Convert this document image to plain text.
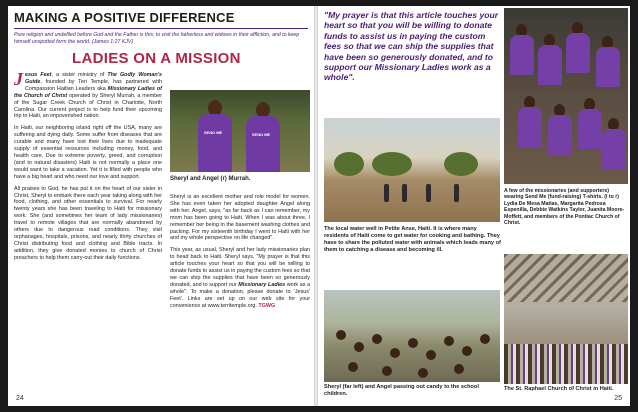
MAKING A POSITIVE DIFFERENCE
Pure religion and undefiled before God and the Father is this; to visit the fatherless and widows in their affliction, and to keep himself unspotted form the world. (James 1:27 KJV)
LADIES ON A MISSION

Jesus Feet, a sister ministry of The Godly Woman's Guide, founded by Teri Temple, has partnered with Compassion Haitian Leaders aka Missionary Ladies of the Church of Christ operated by Sheryl Murrah, a member of the Sugar Creek Church of Christ in Charlotte, North Carolina. Our current project is to help fund their upcoming trip to Haiti, an impoverished nation.

In Haiti, our neighboring island right off the USA, many are suffering and dying daily. Some suffer from diseases that are curable and many have lost their lives due to inadequate supply of essential resources including money, food, and health care. Due to extreme poverty, greed, and corruption (and to natural disasters) Haiti is not normally a place one would want to take a vacation. Yet it is filled with people who have a big heart and who need our love and support.

All praises to God, he has put it on the heart of our sister in Christ, Sheryl to embark there each year taking along with her food, clothing, and other essentials to survival. For nearly twenty years she has been traveling to Haiti for missionary work. She (and sometimes her team of lady missionaries) travel to remote villages that are normally abandoned by others due to dangerous road conditions. They visit orphanages, hospitals, prisons, and nearly thirty churches of Christ distributing food and clothing and Bible tracts. In addition, they give donated monies to church of Christ preachers to help them carry-out their daily functions.

SEND ME	SEND ME
Sheryl and Angel (r) Murrah.

Sheryl is an excellent mother and role model for women. She has even taken her adopted daughter Angel along with her. Angel, says, "as far back as I can remember, my mom has been going to Haiti. When I was about three, I remember her being in the basement washing clothes and packing. For my sixteenth birthday I went to Haiti with her and my whole perspective on life changed".

This year, as usual, Sheryl and her lady missionaries plan to head back to Haiti. Sheryl says, "My prayer is that this article touches your heart so that you will be willing to donate funds to assist us in paying the custom fees so that we can ship the supplies that have been so generously donated, and to support our Missionary Ladies work as a whole". To make a donation, please donate to 'Jesus' Feet'. Links are set up on our web site for your convenience at www.territemple.org. TGWG

24
"My prayer is that this article touches your heart so that you will be willing to donate funds to assist us in paying the custom fees so that we can ship the supplies that have been so generously donated, and to support our Missionary Ladies work as a whole".
A few of the missionaries (and supporters) wearing Send Me (fund-raising) T-shirts. (l to r) Lydia De Mesa Matias, Margarita Pedrosa Espenilla, Debbie Watkins Taylor, Juanita Moore-Moffett, and members of the Pontiac Church of Christ.
The local water well in Petite Anse, Haiti. It is where many residents of Haiti come to get water for cooking and bathing. They have to share the polluted water with animals which leads many of them to catching a disease and becoming ill.
Sheryl (far left) and Angel passing out candy to the school children.
The St. Raphael Church of Christ in Haiti.
25
